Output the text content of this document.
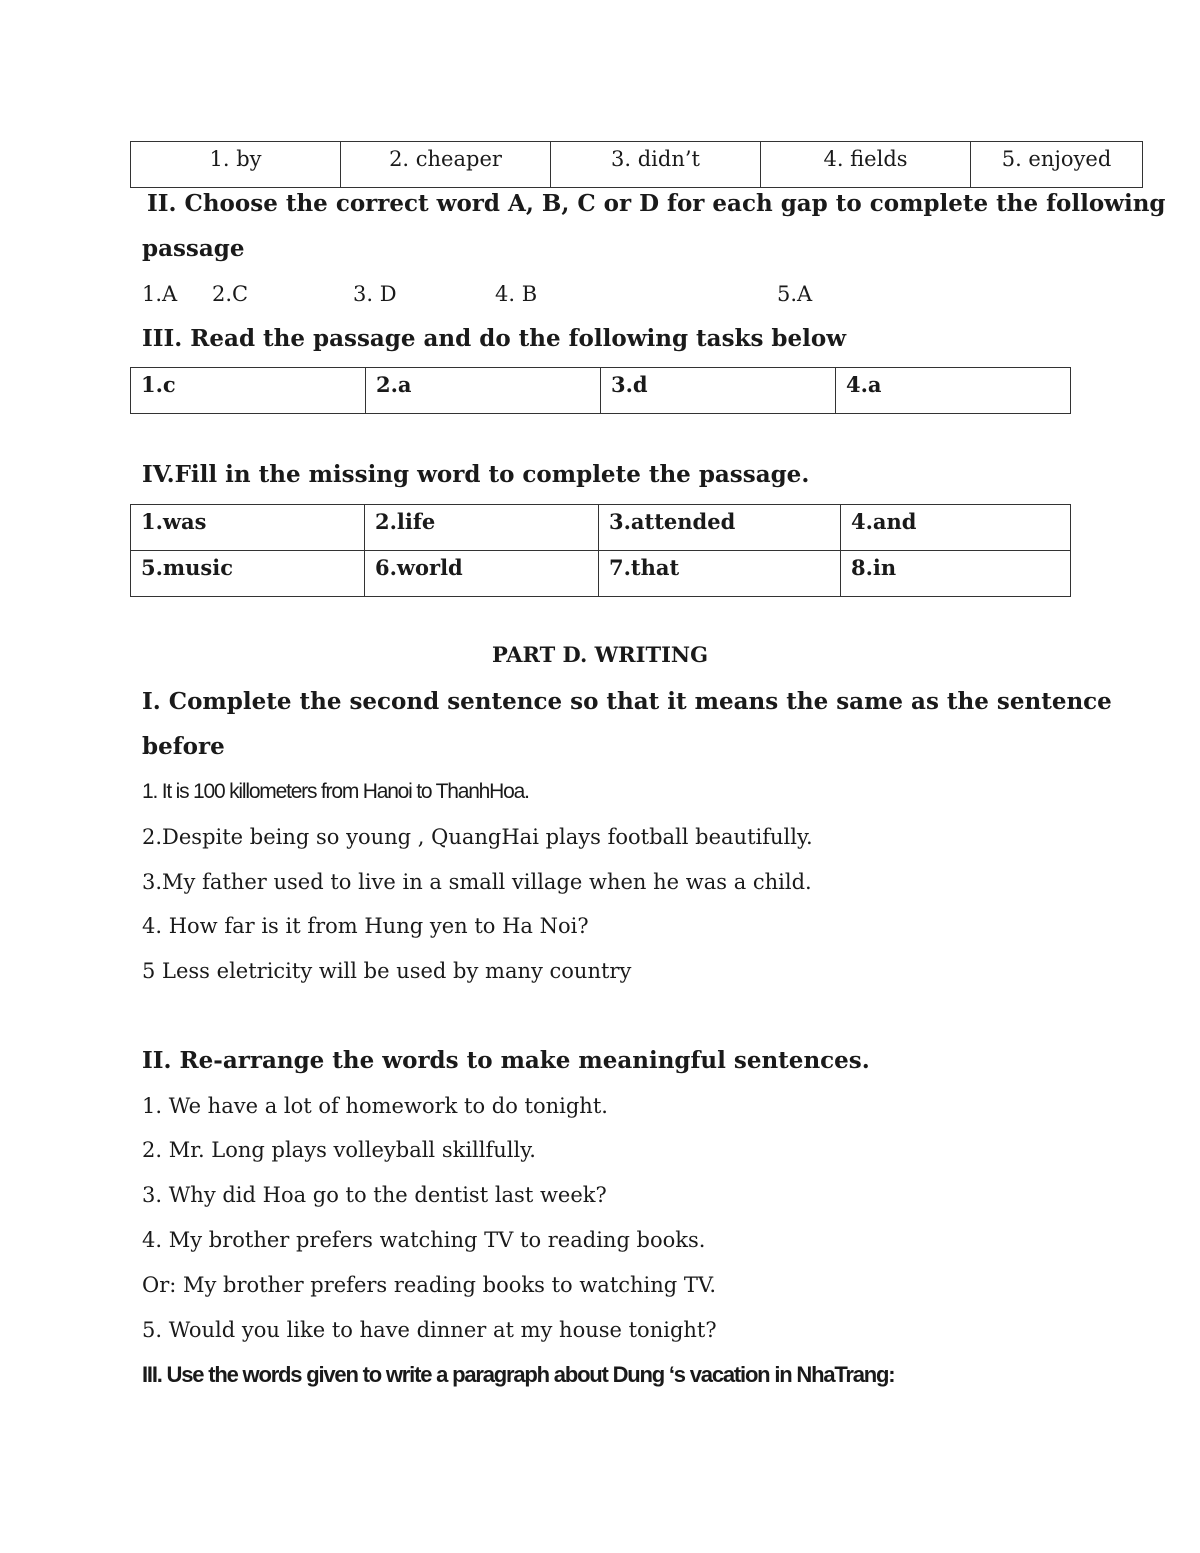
1. by	2. cheaper	3. didn’t	4. fields	5. enjoyed
II. Choose the correct word A, B, C or D for each gap to complete the following
passage
1.A 2.C	3. D	4. B	5.A
III. Read the passage and do the following tasks below
1.c	2.a	3.d	4.a
IV.Fill in the missing word to complete the passage.
1.was	2.life	3.attended	4.and
5.music	6.world	7.that	8.in
PART D. WRITING
I. Complete the second sentence so that it means the same as the sentence
before
1. It is 100 killometers from Hanoi to ThanhHoa.
2.Despite being so young , QuangHai plays football beautifully.
3.My father used to live in a small village when he was a child.
4. How far is it from Hung yen to Ha Noi?
5 Less eletricity will be used by many country
II. Re-arrange the words to make meaningful sentences.
1. We have a lot of homework to do tonight.
2. Mr. Long plays volleyball skillfully.
3. Why did Hoa go to the dentist last week?
4. My brother prefers watching TV to reading books.
Or: My brother prefers reading books to watching TV.
5. Would you like to have dinner at my house tonight?
III. Use the words given to write a paragraph about Dung ‘s vacation in NhaTrang:
